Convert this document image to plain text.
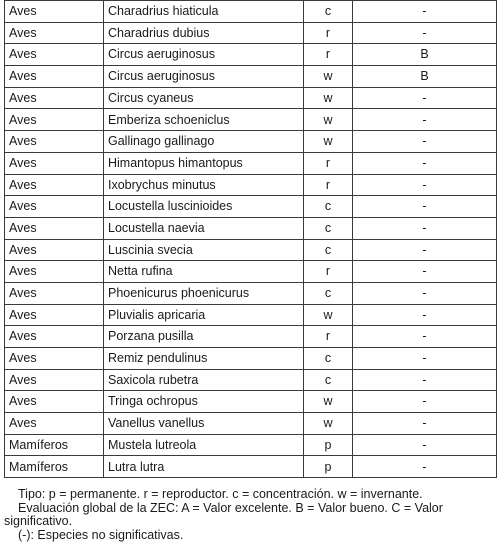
Aves	Charadrius hiaticula	c	-
Aves	Charadrius dubius	r	-
Aves	Circus aeruginosus	r	B
Aves	Circus aeruginosus	w	B
Aves	Circus cyaneus	w	-
Aves	Emberiza schoeniclus	w	-
Aves	Gallinago gallinago	w	-
Aves	Himantopus himantopus	r	-
Aves	Ixobrychus minutus	r	-
Aves	Locustella luscinioides	c	-
Aves	Locustella naevia	c	-
Aves	Luscinia svecia	c	-
Aves	Netta rufina	r	-
Aves	Phoenicurus phoenicurus	c	-
Aves	Pluvialis apricaria	w	-
Aves	Porzana pusilla	r	-
Aves	Remiz pendulinus	c	-
Aves	Saxicola rubetra	c	-
Aves	Tringa ochropus	w	-
Aves	Vanellus vanellus	w	-
Mamíferos	Mustela lutreola	p	-
Mamíferos	Lutra lutra	p	-

Tipo: p = permanente. r = reproductor. c = concentración. w = invernante.

Evaluación global de la ZEC: A = Valor excelente. B = Valor bueno. C = Valor significativo.

(-): Especies no significativas.
